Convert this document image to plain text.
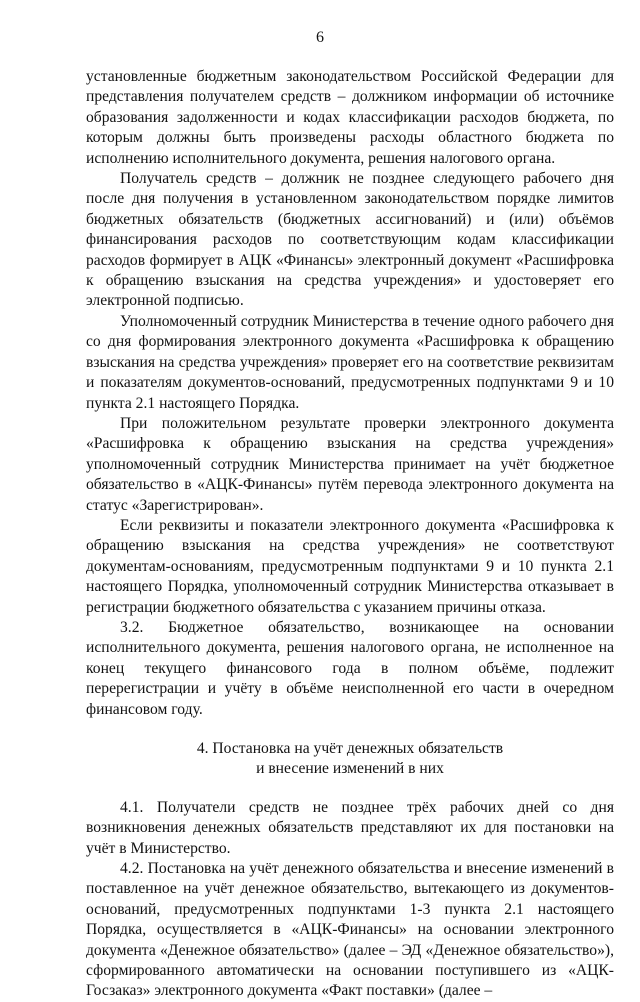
6

установленные бюджетным законодательством Российской Федерации для представления получателем средств – должником информации об источнике образования задолженности и кодах классификации расходов бюджета, по которым должны быть произведены расходы областного бюджета по исполнению исполнительного документа, решения налогового органа.

Получатель средств – должник не позднее следующего рабочего дня после дня получения в установленном законодательством порядке лимитов бюджетных обязательств (бюджетных ассигнований) и (или) объёмов финансирования расходов по соответствующим кодам классификации расходов формирует в АЦК «Финансы» электронный документ «Расшифровка к обращению взыскания на средства учреждения» и удостоверяет его электронной подписью.

Уполномоченный сотрудник Министерства в течение одного рабочего дня со дня формирования электронного документа «Расшифровка к обращению взыскания на средства учреждения» проверяет его на соответствие реквизитам и показателям документов-оснований, предусмотренных подпунктами 9 и 10 пункта 2.1 настоящего Порядка.

При положительном результате проверки электронного документа «Расшифровка к обращению взыскания на средства учреждения» уполномоченный сотрудник Министерства принимает на учёт бюджетное обязательство в «АЦК-Финансы» путём перевода электронного документа на статус «Зарегистрирован».

Если реквизиты и показатели электронного документа «Расшифровка к обращению взыскания на средства учреждения» не соответствуют документам-основаниям, предусмотренным подпунктами 9 и 10 пункта 2.1 настоящего Порядка, уполномоченный сотрудник Министерства отказывает в регистрации бюджетного обязательства с указанием причины отказа.

3.2. Бюджетное обязательство, возникающее на основании исполнительного документа, решения налогового органа, не исполненное на конец текущего финансового года в полном объёме, подлежит перерегистрации и учёту в объёме неисполненной его части в очередном финансовом году.

4. Постановка на учёт денежных обязательств
и внесение изменений в них

4.1. Получатели средств не позднее трёх рабочих дней со дня возникновения денежных обязательств представляют их для постановки на учёт в Министерство.

4.2. Постановка на учёт денежного обязательства и внесение изменений в поставленное на учёт денежное обязательство, вытекающего из документов-оснований, предусмотренных подпунктами 1-3 пункта 2.1 настоящего Порядка, осуществляется в «АЦК-Финансы» на основании электронного документа «Денежное обязательство» (далее – ЭД «Денежное обязательство»), сформированного автоматически на основании поступившего из «АЦК-Госзаказ» электронного документа «Факт поставки» (далее –
